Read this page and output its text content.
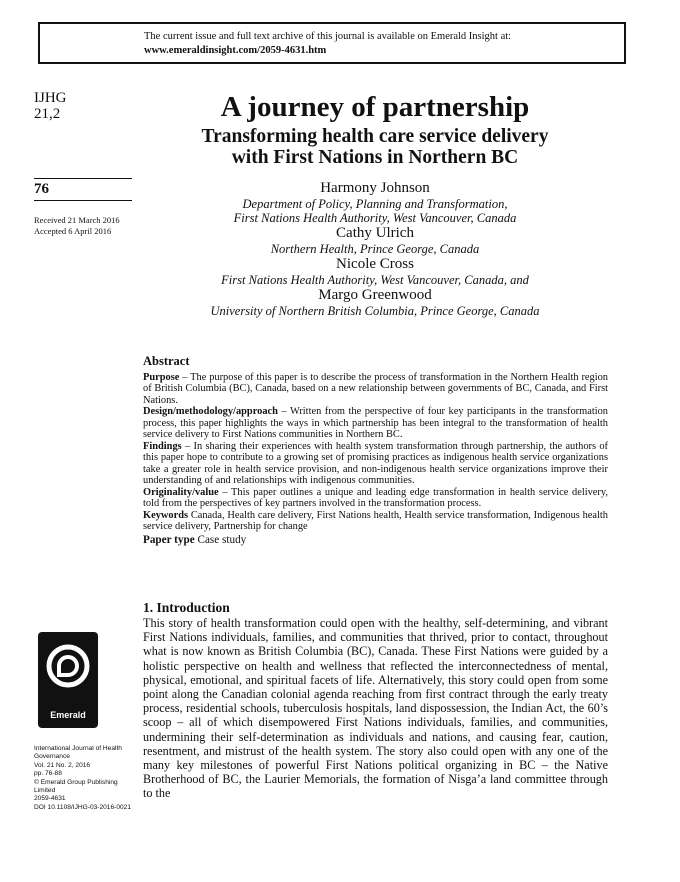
The current issue and full text archive of this journal is available on Emerald Insight at:
www.emeraldinsight.com/2059-4631.htm
IJHG
21,2
76
Received 21 March 2016
Accepted 6 April 2016
A journey of partnership
Transforming health care service delivery
with First Nations in Northern BC
Harmony Johnson
Department of Policy, Planning and Transformation,
First Nations Health Authority, West Vancouver, Canada
Cathy Ulrich
Northern Health, Prince George, Canada
Nicole Cross
First Nations Health Authority, West Vancouver, Canada, and
Margo Greenwood
University of Northern British Columbia, Prince George, Canada
Abstract

Purpose – The purpose of this paper is to describe the process of transformation in the Northern Health region of British Columbia (BC), Canada, based on a new relationship between governments of BC, Canada, and First Nations.

Design/methodology/approach – Written from the perspective of four key participants in the transformation process, this paper highlights the ways in which partnership has been integral to the transformation of health service delivery to First Nations communities in Northern BC.

Findings – In sharing their experiences with health system transformation through partnership, the authors of this paper hope to contribute to a growing set of promising practices as indigenous health service organizations take a greater role in health service provision, and non-indigenous health service organizations improve their understanding of and relationships with indigenous communities.

Originality/value – This paper outlines a unique and leading edge transformation in health service delivery, told from the perspectives of key partners involved in the transformation process.

Keywords Canada, Health care delivery, First Nations health, Health service transformation, Indigenous health service delivery, Partnership for change

Paper type Case study

1. Introduction

This story of health transformation could open with the healthy, self-determining, and vibrant First Nations individuals, families, and communities that thrived, prior to contact, throughout what is now known as British Columbia (BC), Canada. These First Nations were guided by a holistic perspective on health and wellness that reflected the interconnectedness of mental, physical, emotional, and spiritual facets of life. Alternatively, this story could open from some point along the Canadian colonial agenda reaching from first contract through the early treaty process, residential schools, tuberculosis hospitals, land dispossession, the Indian Act, the 60’s scoop – all of which disempowered First Nations individuals, families, and communities, undermining their self-determination as individuals and nations, and causing fear, caution, resentment, and mistrust of the health system. The story also could open with any one of the many key milestones of powerful First Nations political organizing in BC – the Native Brotherhood of BC, the Laurier Memorials, the formation of Nisga’a land committee through to the

Emerald
International Journal of Health
Governance
Vol. 21 No. 2, 2016
pp. 76-88
© Emerald Group Publishing Limited
2059-4631
DOI 10.1108/IJHG-03-2016-0021
